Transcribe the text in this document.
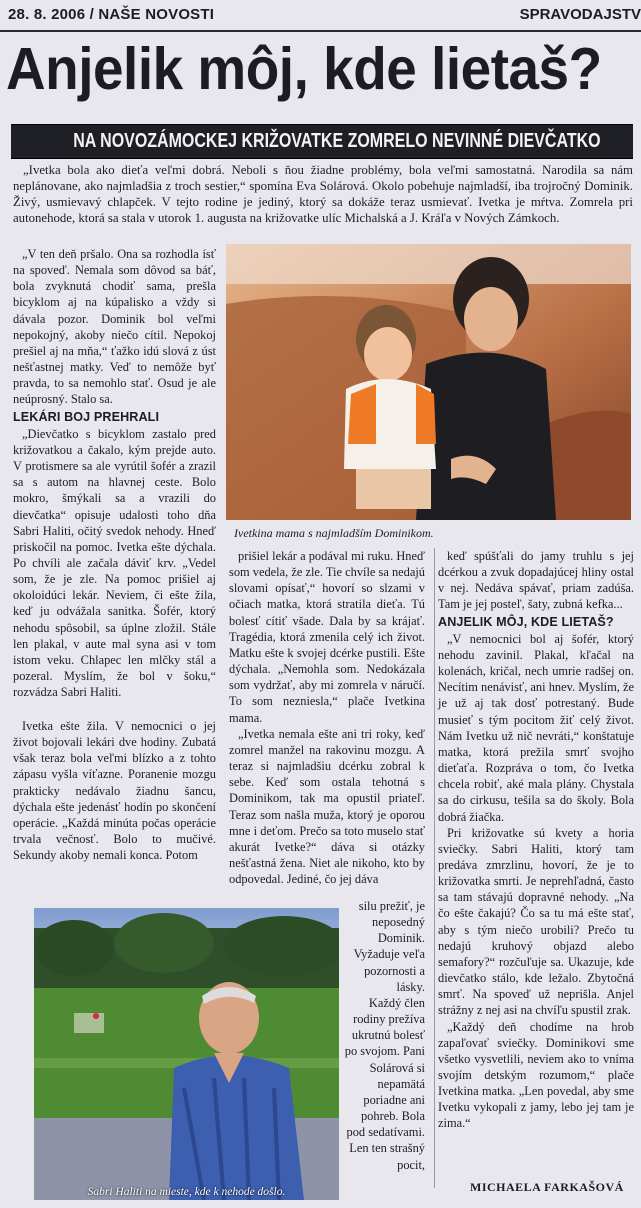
28. 8. 2006 / NAŠE NOVOSTI	SPRAVODAJSTV
Anjelik môj, kde lietaš?
NA NOVOZÁMOCKEJ KRIŽOVATKE ZOMRELO NEVINNÉ DIEVČATKO
„Ivetka bola ako dieťa veľmi dobrá. Neboli s ňou žiadne problémy, bola veľmi samostatná. Narodila sa nám neplánovane, ako najmladšia z troch sestier,“ spomína Eva Solárová. Okolo pobehuje najmladší, iba trojročný Dominik. Živý, usmievavý chlapček. V tejto rodine je jediný, ktorý sa dokáže teraz usmievať. Ivetka je mŕtva. Zomrela pri autonehode, ktorá sa stala v utorok 1. augusta na križovatke ulíc Michalská a J. Kráľa v Nových Zámkoch.

„V ten deň pršalo. Ona sa rozhodla ísť na spoveď. Nemala som dôvod sa báť, bola zvyknutá chodiť sama, prešla bicyklom aj na kúpalisko a vždy si dávala pozor. Dominik bol veľmi nepokojný, akoby niečo cítil. Nepokoj prešiel aj na mňa,“ ťažko idú slová z úst nešťastnej matky. Veď to nemôže byť pravda, to sa nemohlo stať. Osud je ale neúprosný. Stalo sa.

LEKÁRI BOJ PREHRALI

„Dievčatko s bicyklom zastalo pred križovatkou a čakalo, kým prejde auto. V protismere sa ale vyrútil šofér a zrazil sa s autom na hlavnej ceste. Bolo mokro, šmýkali sa a vrazili do dievčatka“ opisuje udalosti toho dňa Sabri Haliti, očitý svedok nehody. Hneď priskočil na pomoc. Ivetka ešte dýchala. Po chvíli ale začala dáviť krv. „Vedel som, že je zle. Na pomoc prišiel aj okoloidúci lekár. Neviem, či ešte žila, keď ju odvážala sanitka. Šofér, ktorý nehodu spôsobil, sa úplne zložil. Stále len plakal, v aute mal syna asi v tom istom veku. Chlapec len mlčky stál a pozeral. Myslím, že bol v šoku,“ rozvádza Sabri Haliti.

Ivetka ešte žila. V nemocnici o jej život bojovali lekári dve hodiny. Zubatá však teraz bola veľmi blízko a z tohto zápasu vyšla víťazne. Poranenie mozgu prakticky nedávalo žiadnu šancu, dýchala ešte jedenásť hodín po skončení operácie. „Každá minúta počas operácie trvala večnosť. Bolo to mučivé. Sekundy akoby nemali konca. Potom

Ivetkina mama s najmladším Dominikom.

prišiel lekár a podával mi ruku. Hneď som vedela, že zle. Tie chvíle sa nedajú slovami opísať,“ hovorí so slzami v očiach matka, ktorá stratila dieťa. Tú bolesť cítiť všade. Dala by sa krájať. Tragédia, ktorá zmenila celý ich život. Matku ešte k svojej dcérke pustili. Ešte dýchala. „Nemohla som. Nedokázala som vydržať, aby mi zomrela v náručí. To som nezniesla,“ plače Ivetkina mama.

„Ivetka nemala ešte ani tri roky, keď zomrel manžel na rakovinu mozgu. A teraz si najmladšiu dcérku zobral k sebe. Keď som ostala tehotná s Dominikom, tak ma opustil priateľ. Teraz som našla muža, ktorý je oporou mne i deťom. Prečo sa toto muselo stať akurát Ivetke?“ dáva si otázky nešťastná žena. Niet ale nikoho, kto by odpovedal. Jediné, čo jej dáva

silu prežiť, je neposedný Dominik. Vyžaduje veľa pozornosti a lásky.

Každý člen rodiny prežíva ukrutnú bolesť po svojom. Pani Solárová si nepamätá poriadne ani pohreb. Bola pod sedatívami. Len ten strašný pocit,

keď spúšťali do jamy truhlu s jej dcérkou a zvuk dopadajúcej hliny ostal v nej. Nedáva spávať, priam zadúša. Tam je jej posteľ, šaty, zubná kefka...

ANJELIK MÔJ, KDE LIETAŠ?

„V nemocnici bol aj šofér, ktorý nehodu zavinil. Plakal, kľačal na kolenách, kričal, nech umrie radšej on. Necítim nenávisť, ani hnev. Myslím, že je už aj tak dosť potrestaný. Bude musieť s tým pocitom žiť celý život. Nám Ivetku už nič nevráti,“ konštatuje matka, ktorá prežila smrť svojho dieťaťa. Rozpráva o tom, čo Ivetka chcela robiť, aké mala plány. Chystala sa do cirkusu, tešila sa do školy. Bola dobrá žiačka.

Pri križovatke sú kvety a horia sviečky. Sabri Haliti, ktorý tam predáva zmrzlinu, hovorí, že je to križovatka smrti. Je neprehľadná, často sa tam stávajú dopravné nehody. „Na čo ešte čakajú? Čo sa tu má ešte stať, aby s tým niečo urobili? Prečo tu nedajú kruhový objazd alebo semafory?“ rozčuľuje sa. Ukazuje, kde dievčatko stálo, kde ležalo. Zbytočná smrť. Na spoveď už neprišla. Anjel strážny z nej asi na chvíľu spustil zrak.

„Každý deň chodíme na hrob zapaľovať sviečky. Dominikovi sme všetko vysvetlili, neviem ako to vníma svojím detským rozumom,“ plače Ivetkina matka. „Len povedal, aby sme Ivetku vykopali z jamy, lebo jej tam je zima.“

Sabri Haliti na mieste, kde k nehode došlo.	MICHAELA FARKAŠOVÁ
